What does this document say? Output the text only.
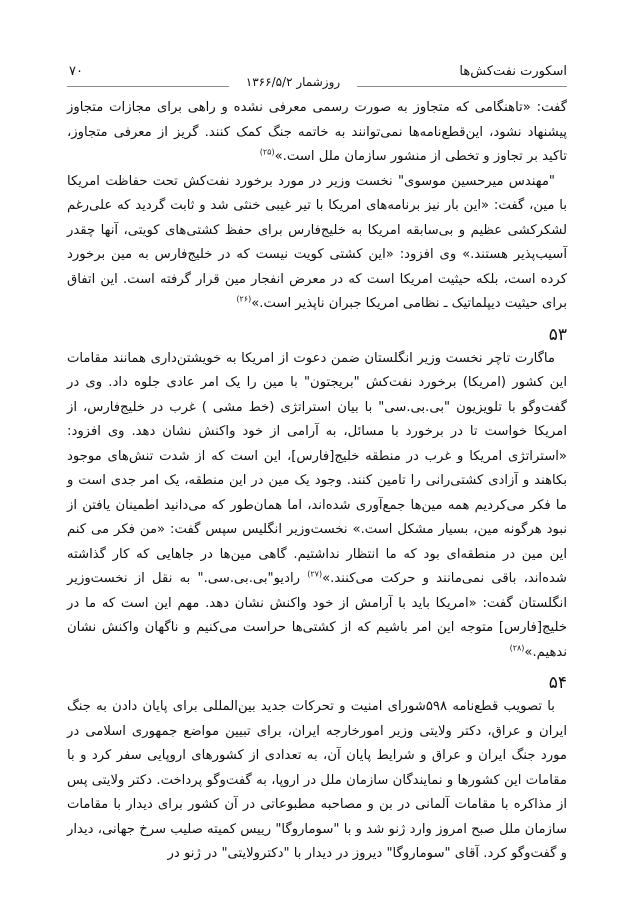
اسکورت نفت‌کش‌ها
روزشمار ۱۳۶۶/۵/۲
۷۰

گفت: «تاهنگامی که متجاوز به صورت رسمی معرفی نشده و راهی برای مجازات متجاوز پیشنهاد نشود، این‌قطع‌نامه‌ها نمی‌توانند به خاتمه جنگ کمک کنند. گریز از معرفی متجاوز، تاکید بر تجاوز و تخطی از منشور سازمان ملل است.»$^{(۲۵)}$

"مهندس میرحسین موسوی" نخست وزیر در مورد برخورد نفت‌کش تحت حفاظت امریکا با مین، گفت: «این بار نیز برنامه‌های امریکا با تیر غیبی خنثی شد و ثابت گردید که علی‌رغم لشکرکشی عظیم و بی‌سابقه امریکا به خلیج‌فارس برای حفظ کشتی‌های کویتی، آنها چقدر آسیب‌پذیر هستند.» وی افزود: «این کشتی کویت نیست که در خلیج‌فارس به مین برخورد کرده است، بلکه حیثیت امریکا است که در معرض انفجار مین قرار گرفته است. این اتفاق برای حیثیت دیپلماتیک ـ نظامی امریکا جبران ناپذیر است.»$^{(۲۶)}$

۵۳

ماگارت تاچر نخست وزیر انگلستان ضمن دعوت از امریکا به خویشتن‌داری همانند مقامات این کشور (امریکا) برخورد نفت‌کش "بریجتون" با مین را یک امر عادی جلوه داد. وی در گفت‌وگو با تلویزیون "بی.بی.سی" با بیان استراتژی (خط مشی ) غرب در خلیج‌فارس، از امریکا خواست تا در برخورد با مسائل، به آرامی از خود واکنش نشان دهد. وی افزود: «استراتژی امریکا و غرب در منطقه خلیج[فارس]، این است که از شدت تنش‌های موجود بکاهند و آزادی کشتی‌رانی را تامین کنند. وجود یک مین در این منطقه، یک امر جدی است و ما فکر می‌کردیم همه مین‌ها جمع‌آوری شده‌اند، اما همان‌طور که می‌دانید اطمینان یافتن از نبود هرگونه مین، بسیار مشکل است.» نخست‌وزیر انگلیس سپس گفت: «من فکر می کنم این مین در منطقه‌ای بود که ما انتظار نداشتیم. گاهی مین‌ها در جاهایی که کار گذاشته شده‌اند، باقی نمی‌مانند و حرکت می‌کنند.»$^{(۲۷)}$ رادیو"بی.بی.سی." به نقل از نخست‌وزیر انگلستان گفت: «امریکا باید با آرامش از خود واکنش نشان دهد. مهم این است که ما در خلیج[فارس] متوجه این امر باشیم که از کشتی‌ها حراست می‌کنیم و ناگهان واکنش نشان ندهیم.»$^{(۲۸)}$

۵۴

با تصویب قطع‌نامه ۵۹۸شورای امنیت و تحرکات جدید بین‌المللی برای پایان دادن به جنگ ایران و عراق، دکتر ولایتی وزیر امورخارجه ایران، برای تبیین مواضع جمهوری اسلامی در مورد جنگ ایران و عراق و شرایط پایان آن، به تعدادی از کشورهای اروپایی سفر کرد و با مقامات این کشورها و نمایندگان سازمان ملل در اروپا، به گفت‌وگو پرداخت. دکتر ولایتی پس از مذاکره با مقامات آلمانی در بن و مصاحبه مطبوعاتی در آن کشور برای دیدار با مقامات سازمان ملل صبح امروز وارد ژنو شد و با "سوماروگا" رییس کمیته صلیب سرخ جهانی، دیدار و گفت‌وگو کرد. آقای "سوماروگا" دیروز در دیدار با "دکترولایتی" در ژنو در
